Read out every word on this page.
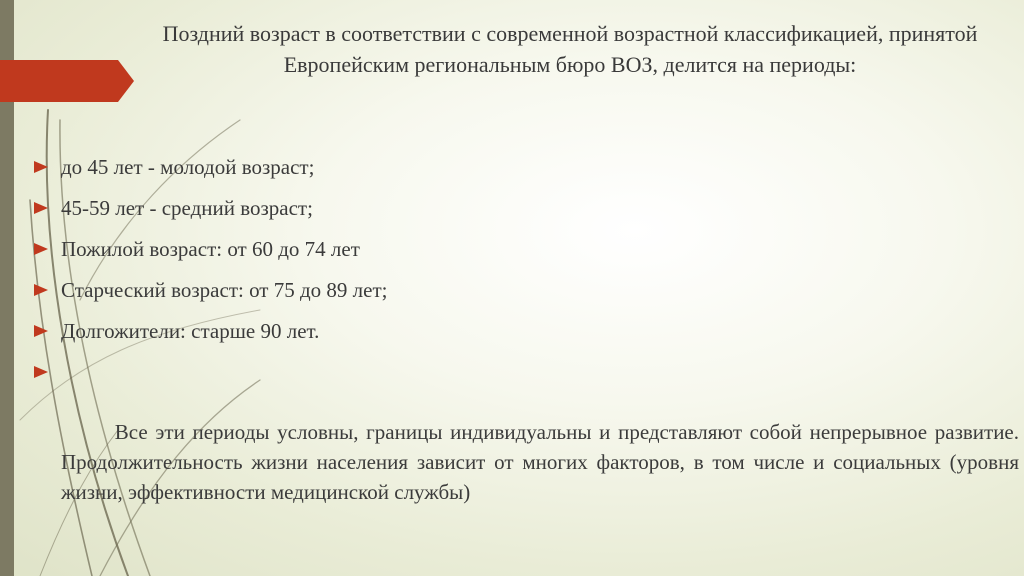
Поздний возраст в соответствии с современной возрастной классификацией, принятой Европейским региональным бюро ВОЗ, делится на периоды:
до 45 лет - молодой возраст;
45-59 лет - средний возраст;
Пожилой возраст: от 60 до 74 лет
Старческий возраст: от 75 до 89 лет;
Долгожители: старше 90 лет.

Все эти периоды условны, границы индивидуальны и представляют собой непрерывное развитие. Продолжительность жизни населения зависит от многих факторов, в том числе и социальных (уровня жизни, эффективности медицинской службы)
